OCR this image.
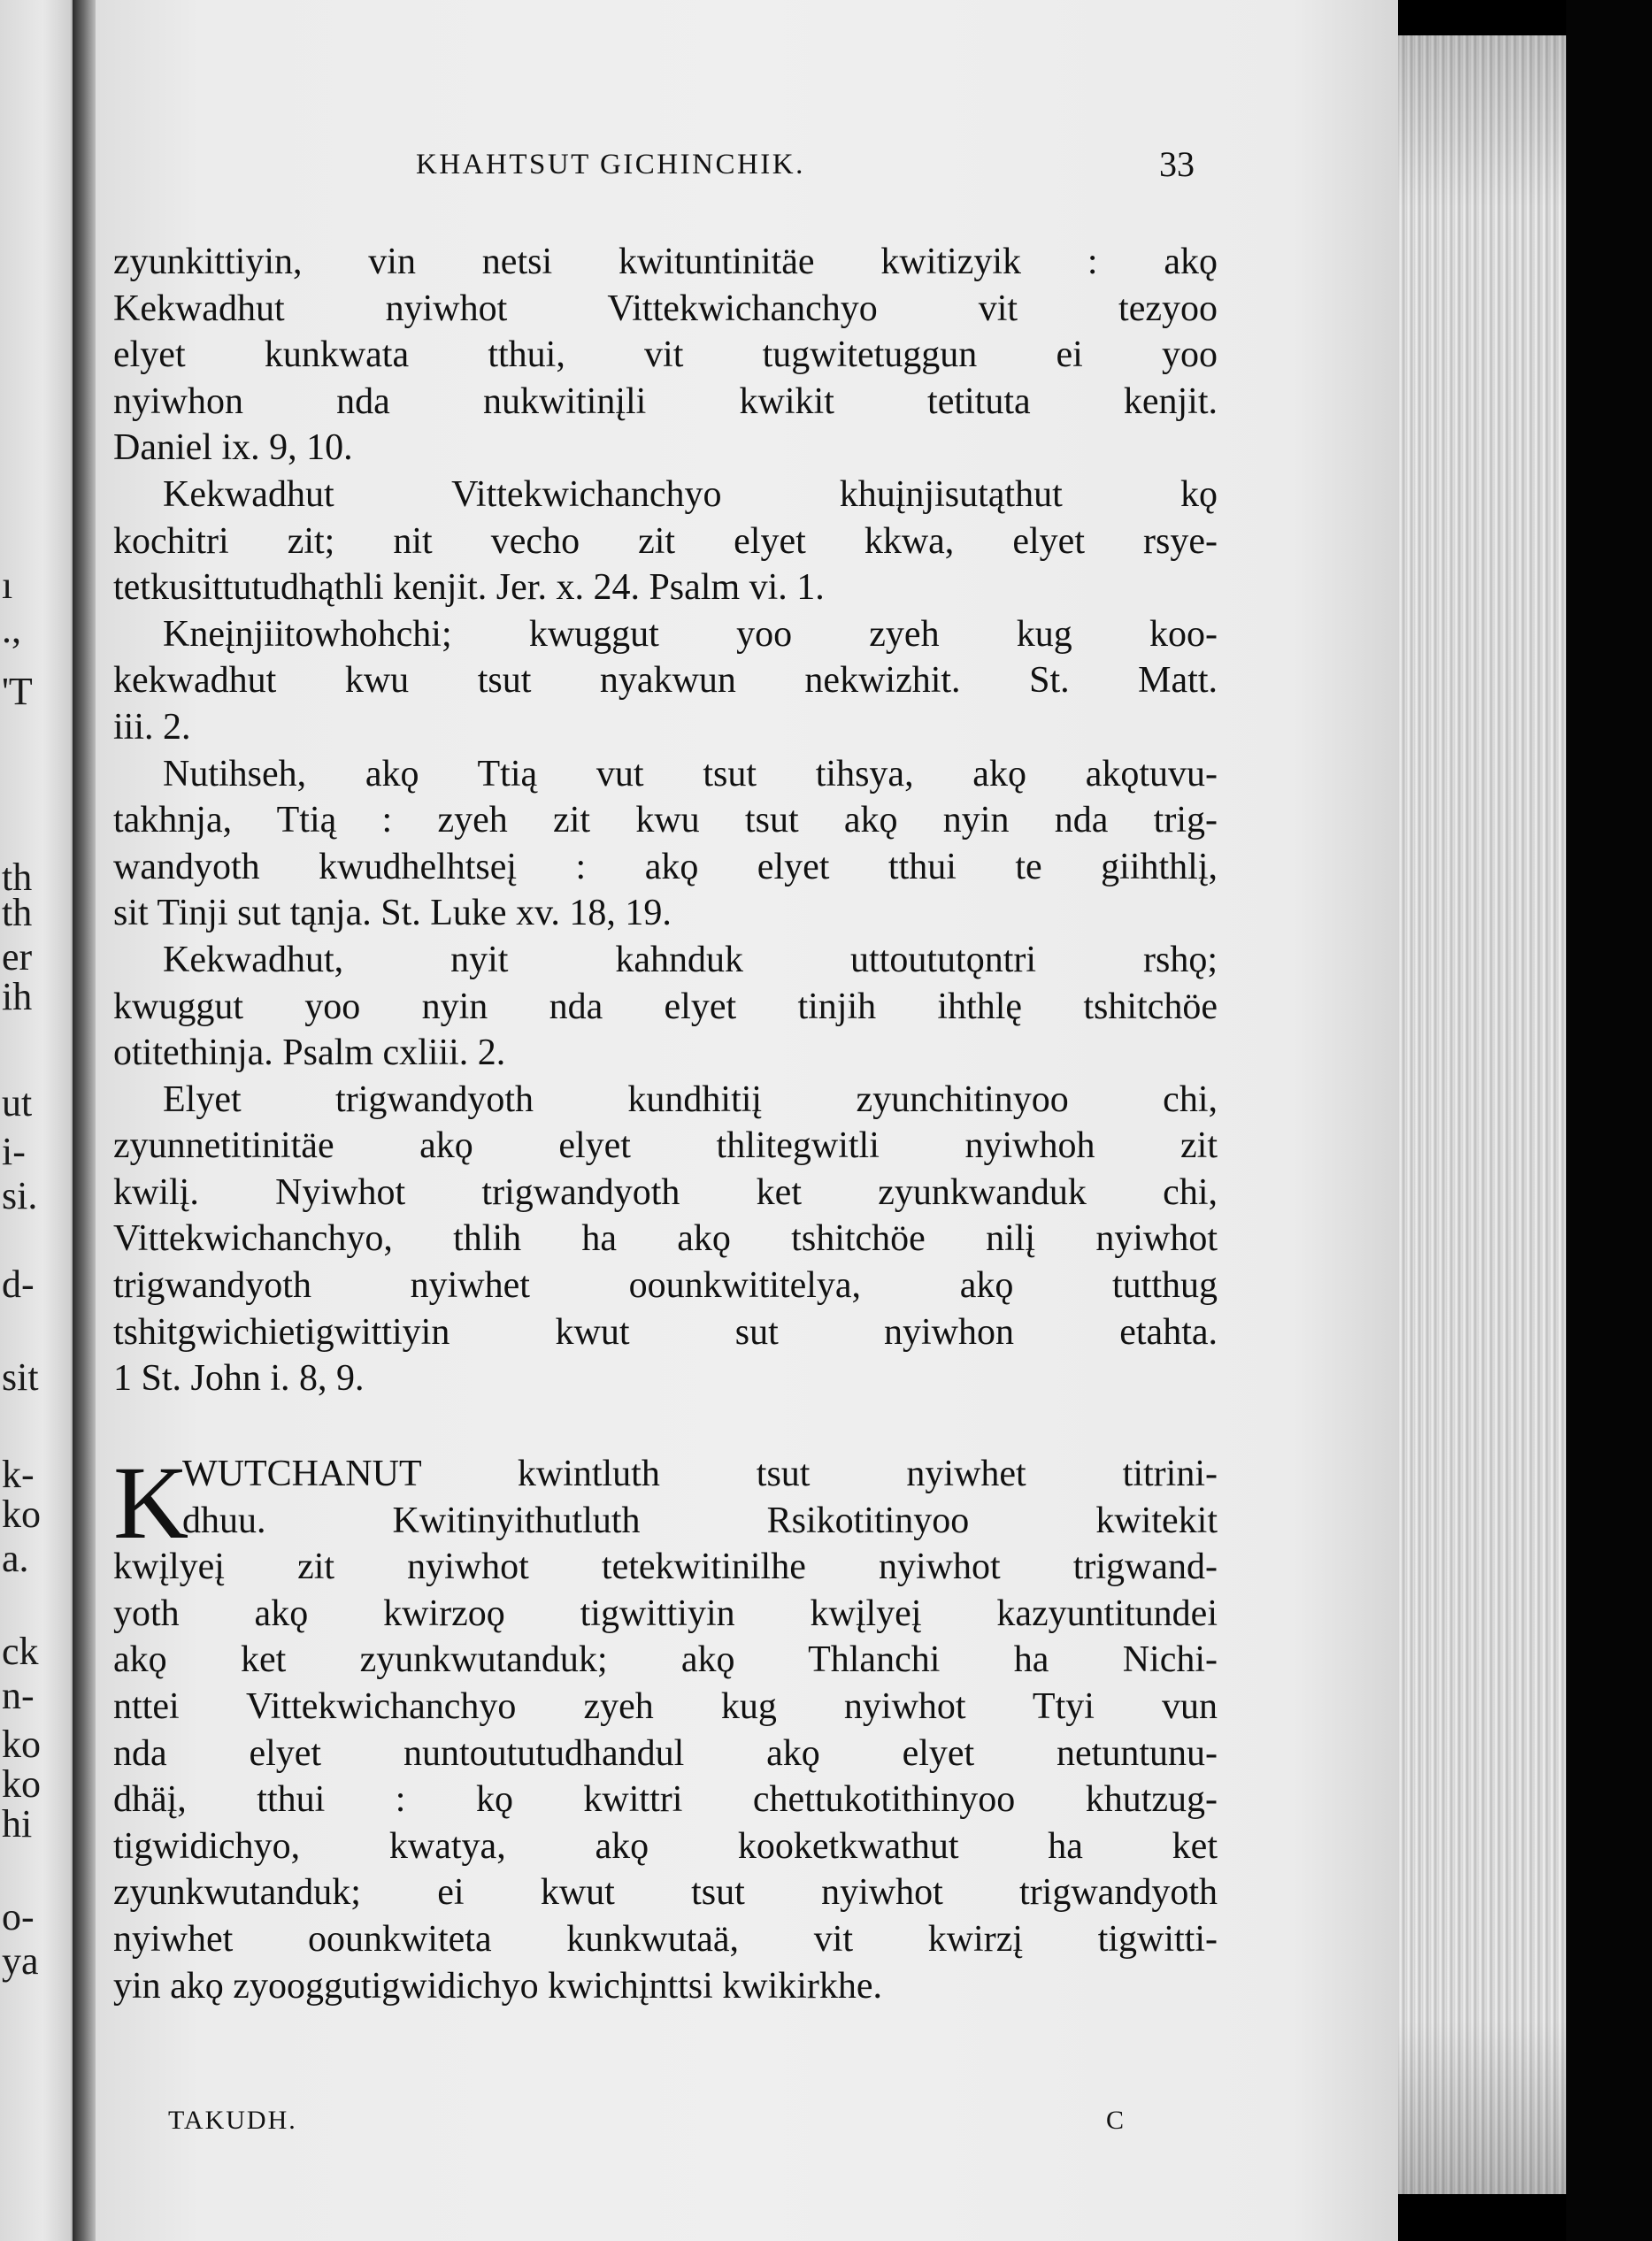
ı
.,
'T
th
th
er
ih
ut
i-
si.
d-
sit
k-
ko
a.
ck
n-
ko
ko
hi
o-
ya
KHAHTSUT GICHINCHIK.	33
zyunkittiyin, vin netsi kwituntinitäe kwitizyik : akǫ
Kekwadhut nyiwhot Vittekwichanchyo vit tezyoo
elyet kunkwata tthui, vit tugwitetuggun ei yoo
nyiwhon nda nukwitinįli kwikit tetituta kenjit.
Daniel ix. 9, 10.
Kekwadhut Vittekwichanchyo khuįnjisutąthut kǫ
kochitri zit; nit vecho zit elyet kkwa, elyet rsye-
tetkusittutudhąthli kenjit. Jer. x. 24. Psalm vi. 1.
Kneįnjiitowhohchi; kwuggut yoo zyeh kug koo-
kekwadhut kwu tsut nyakwun nekwizhit. St. Matt.
iii. 2.
Nutihseh, akǫ Ttią vut tsut tihsya, akǫ akǫtuvu-
takhnja, Ttią : zyeh zit kwu tsut akǫ nyin nda trig-
wandyoth kwudhelhtseį : akǫ elyet tthui te giihthlį,
sit Tinji sut tąnja. St. Luke xv. 18, 19.
Kekwadhut, nyit kahnduk uttoututǫntri rshǫ;
kwuggut yoo nyin nda elyet tinjih ihthlę tshitchöe
otitethinja. Psalm cxliii. 2.
Elyet trigwandyoth kundhitiį zyunchitinyoo chi,
zyunnetitinitäe akǫ elyet thlitegwitli nyiwhoh zit
kwilį. Nyiwhot trigwandyoth ket zyunkwanduk chi,
Vittekwichanchyo, thlih ha akǫ tshitchöe nilį nyiwhot
trigwandyoth nyiwhet oounkwititelya, akǫ tutthug
tshitgwichietigwittiyin kwut sut nyiwhon etahta.
1 St. John i. 8, 9.
K
WUTCHANUT kwintluth tsut nyiwhet titrini-
dhuu. Kwitinyithutluth Rsikotitinyoo kwitekit
kwįlyeį zit nyiwhot tetekwitinilhe nyiwhot trigwand-
yoth akǫ kwirzoǫ tigwittiyin kwįlyeį kazyuntitundei
akǫ ket zyunkwutanduk; akǫ Thlanchi ha Nichi-
nttei Vittekwichanchyo zyeh kug nyiwhot Ttyi vun
nda elyet nuntoututudhandul akǫ elyet netuntunu-
dhäį, tthui : kǫ kwittri chettukotithinyoo khutzug-
tigwidichyo, kwatya, akǫ kooketkwathut ha ket
zyunkwutanduk; ei kwut tsut nyiwhot trigwandyoth
nyiwhet oounkwiteta kunkwutaä, vit kwirzį tigwitti-
yin akǫ zyooggutigwidichyo kwichįnttsi kwikirkhe.
TAKUDH.	C
